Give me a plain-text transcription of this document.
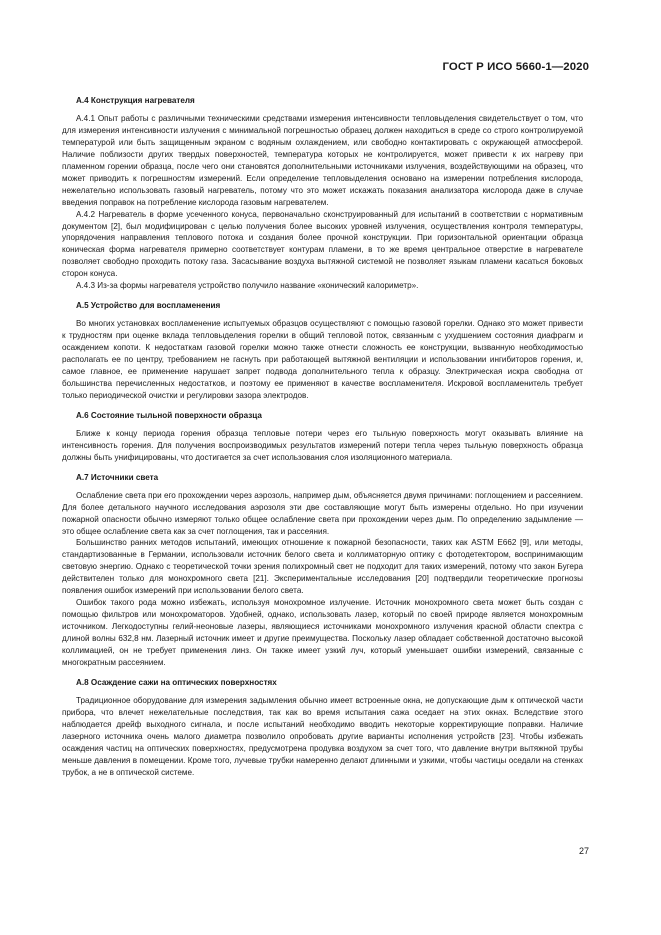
ГОСТ Р ИСО 5660-1—2020
А.4 Конструкция нагревателя

А.4.1 Опыт работы с различными техническими средствами измерения интенсивности тепловыделения свидетельствует о том, что для измерения интенсивности излучения с минимальной погрешностью образец должен находиться в среде со строго контролируемой температурой или быть защищенным экраном с водяным охлаждением, или свободно контактировать с окружающей атмосферой. Наличие поблизости других твердых поверхностей, температура которых не контролируется, может привести к их нагреву при пламенном горении образца, после чего они становятся дополнительными источниками излучения, воздействующими на образец, что может приводить к погрешностям измерений. Если определение тепловыделения основано на измерении потребления кислорода, нежелательно использовать газовый нагреватель, потому что это может искажать показания анализатора кислорода даже в случае введения поправок на потребление кислорода газовым нагревателем.

А.4.2 Нагреватель в форме усеченного конуса, первоначально сконструированный для испытаний в соответствии с нормативным документом [2], был модифицирован с целью получения более высоких уровней излучения, осуществления контроля температуры, упорядочения направления теплового потока и создания более прочной конструкции. При горизонтальной ориентации образца коническая форма нагревателя примерно соответствует контурам пламени, в то же время центральное отверстие в нагревателе позволяет свободно проходить потоку газа. Засасывание воздуха вытяжной системой не позволяет языкам пламени касаться боковых сторон конуса.

А.4.3 Из-за формы нагревателя устройство получило название «конический калориметр».

А.5 Устройство для воспламенения

Во многих установках воспламенение испытуемых образцов осуществляют с помощью газовой горелки. Однако это может привести к трудностям при оценке вклада тепловыделения горелки в общий тепловой поток, связанным с ухудшением состояния диафрагм и осаждением копоти. К недостаткам газовой горелки можно также отнести сложность ее конструкции, вызванную необходимостью располагать ее по центру, требованием не гаснуть при работающей вытяжной вентиляции и использовании ингибиторов горения, и, самое главное, ее применение нарушает запрет подвода дополнительного тепла к образцу. Электрическая искра свободна от большинства перечисленных недостатков, и поэтому ее применяют в качестве воспламенителя. Искровой воспламенитель требует только периодической очистки и регулировки зазора электродов.

А.6 Состояние тыльной поверхности образца

Ближе к концу периода горения образца тепловые потери через его тыльную поверхность могут оказывать влияние на интенсивность горения. Для получения воспроизводимых результатов измерений потери тепла через тыльную поверхность образца должны быть унифицированы, что достигается за счет использования слоя изоляционного материала.

А.7 Источники света

Ослабление света при его прохождении через аэрозоль, например дым, объясняется двумя причинами: поглощением и рассеянием. Для более детального научного исследования аэрозоля эти две составляющие могут быть измерены отдельно. Но при изучении пожарной опасности обычно измеряют только общее ослабление света при прохождении через дым. По определению задымление — это общее ослабление света как за счет поглощения, так и рассеяния.

Большинство ранних методов испытаний, имеющих отношение к пожарной безопасности, таких как ASTM E662 [9], или методы, стандартизованные в Германии, использовали источник белого света и коллиматорную оптику с фотодетектором, воспринимающим световую энергию. Однако с теоретической точки зрения полихромный свет не подходит для таких измерений, потому что закон Бугера действителен только для монохромного света [21]. Экспериментальные исследования [20] подтвердили теоретические прогнозы появления ошибок измерений при использовании белого света.

Ошибок такого рода можно избежать, используя монохромное излучение. Источник монохромного света может быть создан с помощью фильтров или монохроматоров. Удобней, однако, использовать лазер, который по своей природе является монохромным источником. Легкодоступны гелий-неоновые лазеры, являющиеся источниками монохромного излучения красной области спектра с длиной волны 632,8 нм. Лазерный источник имеет и другие преимущества. Поскольку лазер обладает собственной достаточно высокой коллимацией, он не требует применения линз. Он также имеет узкий луч, который уменьшает ошибки измерений, связанные с многократным рассеянием.

А.8 Осаждение сажи на оптических поверхностях

Традиционное оборудование для измерения задымления обычно имеет встроенные окна, не допускающие дым к оптической части прибора, что влечет нежелательные последствия, так как во время испытания сажа оседает на этих окнах. Вследствие этого наблюдается дрейф выходного сигнала, и после испытаний необходимо вводить некоторые корректирующие поправки. Наличие лазерного источника очень малого диаметра позволило опробовать другие варианты исполнения устройств [23]. Чтобы избежать осаждения частиц на оптических поверхностях, предусмотрена продувка воздухом за счет того, что давление внутри вытяжной трубы меньше давления в помещении. Кроме того, лучевые трубки намеренно делают длинными и узкими, чтобы частицы оседали на стенках трубок, а не в оптической системе.

27
